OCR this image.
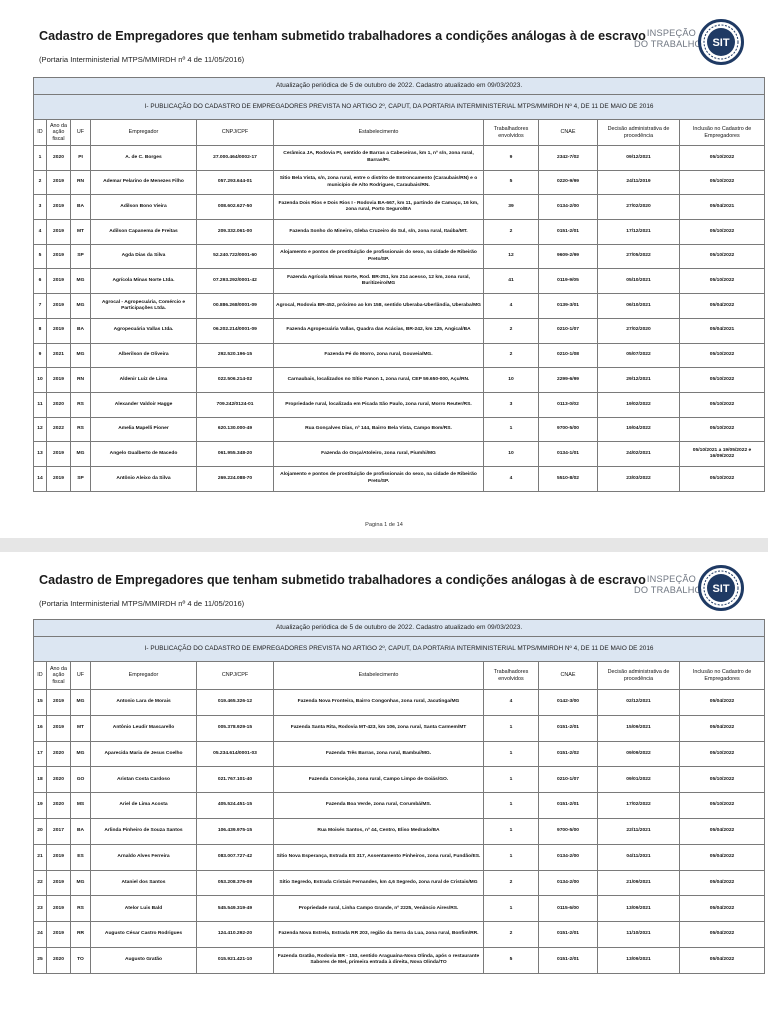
Cadastro de Empregadores que tenham submetido trabalhadores a condições análogas à de escravo
(Portaria Interministerial MTPS/MMIRDH nº 4 de 11/05/2016)
INSPEÇÃO
DO TRABALHO SIT
Atualização periódica de 5 de outubro de 2022. Cadastro atualizado em 09/03/2023.									
I- PUBLICAÇÃO DO CADASTRO DE EMPREGADORES PREVISTA NO ARTIGO 2º, CAPUT, DA PORTARIA INTERMINISTERIAL MTPS/MMIRDH Nº 4, DE 11 DE MAIO DE 2016									
ID	Ano da ação fiscal	UF	Empregador	CNPJ/CPF	Estabelecimento	Trabalhadores envolvidos	CNAE	Decisão administrativa de procedência	Inclusão no Cadastro de Empregadores
1	2020	PI	A. de C. Borges	27.000.464/0002-17	Cerâmica JA, Rodovia PI, sentido de Barras a Cabeceiras, km 1, nº s/n, zona rural, Barras/PI.	9	2342-7/02	09/12/2021	05/10/2022
2	2019	RN	Ademar Pelarino de Menezes Filho	057.293.644-01	Sitio Bela Vista, s/n, zona rural, entre o distrito de Entroncamento (Caraubais/RN) e o município de Alto Rodrigues, Caraubais/RN.	5	0220-9/99	24/11/2019	05/10/2022
3	2019	BA	Adilson Bono Vieira	008.602.627-50	Fazenda Dois Rios e Dois Rios I - Rodovia BA-667, km 11, partindo de Camaçu, 16 km, zona rural, Porto Seguro/BA	39	0134-2/00	27/02/2020	05/04/2021
4	2019	MT	Adilson Capanema de Freitas	209.332.061-00	Fazenda Sonho do Mineiro, Gleba Cruzeiro do Sul, s/n, zona rural, Itaúba/MT.	2	0151-2/01	17/12/2021	05/10/2022
5	2019	SP	Agda Dias da Silva	52.240.722/0001-60	Alojamento e pontos de prostituição de profissionais do sexo, na cidade de Ribeirão Preto/SP.	12	9609-2/99	27/05/2022	05/10/2022
6	2019	MG	Agrícola Minas Norte Ltda.	07.293.292/0001-42	Fazenda Agrícola Minas Norte, Rod. BR-251, km 214 acesso, 12 km, zona rural, Buritizeiro/MG	41	0119-9/05	05/10/2021	05/10/2022
7	2019	MG	Agrocal - Agropecuária, Comércio e Participações Ltda.	00.886.268/0001-09	Agrocal, Rodovia BR-452, próximo ao km 158, sentido Uberaba-Uberlândia, Uberaba/MG	4	0139-3/01	06/10/2021	05/04/2022
8	2019	BA	Agropecuária Vallas Ltda.	06.202.214/0001-09	Fazenda Agropecuária Vallas, Quadra das Acácias, BR-242, km 125, Angical/BA	2	0210-1/07	27/02/2020	05/04/2021
9	2021	MG	Alberilson de Oliveira	292.520.196-15	Fazenda Pé do Morro, zona rural, Gouveia/MG.	2	0210-1/08	05/07/2022	05/10/2022
10	2019	RN	Aldenir Luiz de Lima	022.506.214-02	Carnaubais, localizados no Sítio Panon 1, zona rural, CEP 59.650-000, Açu/RN.	10	2299-6/99	29/12/2021	05/10/2022
11	2020	RS	Alexander Valdoir Hagge	709.242/0124-01	Propriedade rural, localizada em Picada São Paulo, zona rural, Morro Reuter/RS.	3	0113-0/02	19/02/2022	05/10/2022
12	2022	RS	Amelia Mapelli Pioner	620.130.000-49	Rua Gonçalves Dias, nº 144, Bairro Bela Vista, Campo Bom/RS.	1	9700-5/00	19/04/2022	05/10/2022
13	2019	MG	Angelo Gualberto de Macedo	061.955.348-20	Fazenda do Onça/Atoleiro, zona rural, Piumhi/MG	10	0134-1/01	24/02/2021	05/10/2021 a 19/05/2022 e 16/09/2022
14	2019	SP	Antônio Aleixo da Silva	269.224.088-70	Alojamento e pontos de prostituição de profissionais do sexo, na cidade de Ribeirão Preto/SP.	4	5510-8/02	23/03/2022	05/10/2022
Pagina 1 de 14
Cadastro de Empregadores que tenham submetido trabalhadores a condições análogas à de escravo
(Portaria Interministerial MTPS/MMIRDH nº 4 de 11/05/2016)
INSPEÇÃO
DO TRABALHO SIT
Atualização periódica de 5 de outubro de 2022. Cadastro atualizado em 09/03/2023.									
I- PUBLICAÇÃO DO CADASTRO DE EMPREGADORES PREVISTA NO ARTIGO 2º, CAPUT, DA PORTARIA INTERMINISTERIAL MTPS/MMIRDH Nº 4, DE 11 DE MAIO DE 2016									
ID	Ano da ação fiscal	UF	Empregador	CNPJ/CPF	Estabelecimento	Trabalhadores envolvidos	CNAE	Decisão administrativa de procedência	Inclusão no Cadastro de Empregadores
15	2019	MG	Antonio Lara de Morais	019.465.326-12	Fazenda Nova Fronteira, Bairro Congonhas, zona rural, Jacutinga/MG	4	0142-3/00	02/12/2021	05/04/2022
16	2019	MT	Antônio Leudir Mascarello	005.378.929-15	Fazenda Santa Rita, Rodovia MT-423, km 106, zona rural, Santa Carmem/MT	1	0151-2/01	15/09/2021	05/04/2022
17	2020	MG	Aparecida Maria de Jesus Coelho	05.234.614/0001-03	Fazenda Três Barras, zona rural, Bambuí/MG.	1	0151-2/02	09/09/2022	05/10/2022
18	2020	GO	Aristan Costa Cardoso	021.767.101-40	Fazenda Conceição, zona rural, Campo Limpo de Goiás/GO.	1	0210-1/07	09/01/2022	05/10/2022
19	2020	MS	Ariel de Lima Acosta	405.524.451-15	Fazenda Boa Verde, zona rural, Corumbá/MS.	1	0151-2/01	17/02/2022	05/10/2022
20	2017	BA	Arlinda Pinheiro de Souza Santos	106.439.975-15	Rua Moisés Santos, nº 44, Centro, Eliso Medrado/BA	1	9700-5/00	22/11/2021	05/04/2022
21	2019	ES	Arnaldo Alves Ferreira	083.007.727-42	Sítio Nova Esperança, Estrada ES 317, Assentamento Pinheiros, zona rural, Fundão/ES.	1	0134-2/00	04/11/2021	05/04/2022
22	2019	MG	Ataniel dos Santos	053.208.376-09	Sítio Segredo, Estrada Cristais Fernandes, km 4,6 Segredo, zona rural de Cristais/MG	2	0134-2/00	21/09/2021	05/04/2022
23	2019	RS	Atelor Luis Bald	545.549.319-49	Propriedade rural, Linha Campo Grande, nº 2225, Venâncio Aires/RS.	1	0115-6/00	13/09/2021	05/04/2022
24	2019	RR	Augusto César Castro Rodrigues	124.410.292-20	Fazenda Nova Estrela, Estrada RR 203, região da Serra da Lua, zona rural, Bonfim/RR.	2	0151-2/01	11/10/2021	05/04/2022
25	2020	TO	Augusto Gratão	015.921.421-10	Fazenda Gratão, Rodovia BR - 153, sentido Araguaína-Nova Olinda, após o restaurante Sabores de Mel, primeira entrada à direita, Nova Olinda/TO	5	0151-2/01	13/09/2021	05/04/2022
